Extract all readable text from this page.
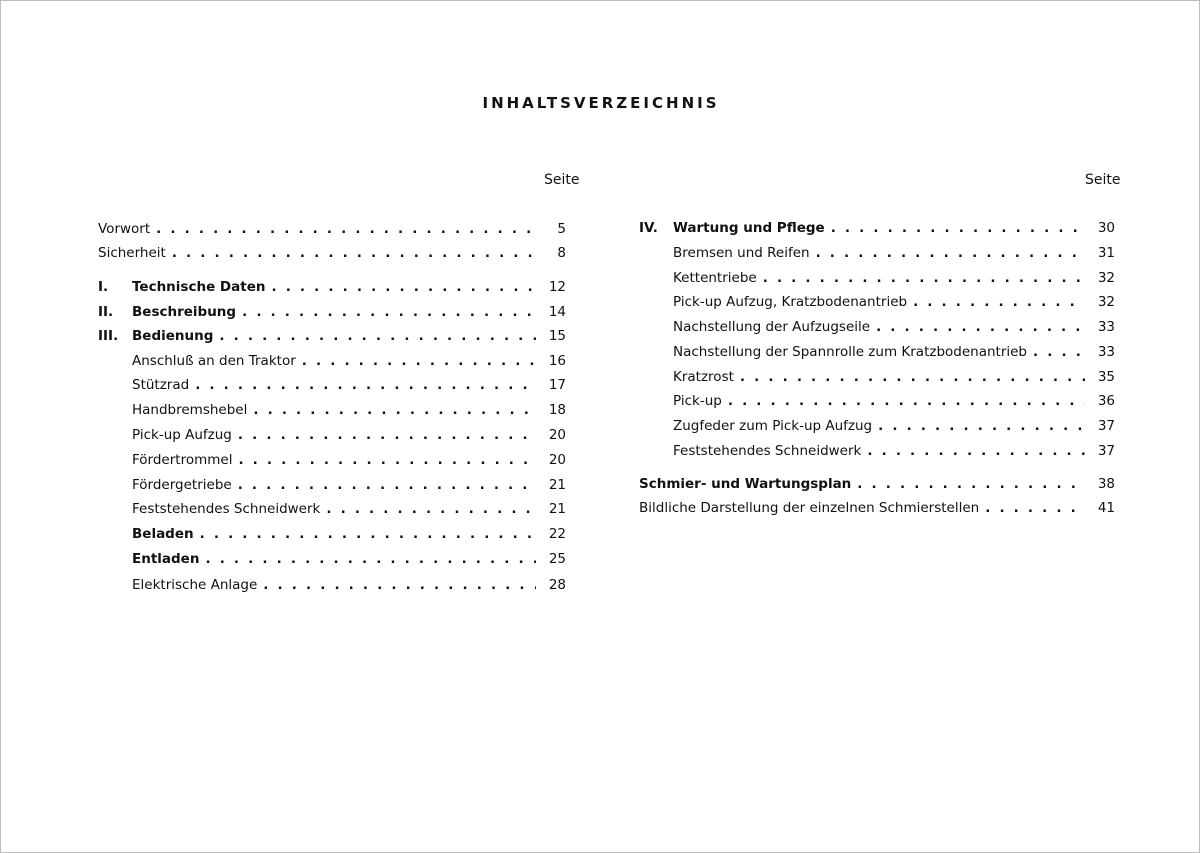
INHALTSVERZEICHNIS
Seite	Seite
Vorwort . . .	5
Sicherheit . . .	8
I.	Technische Daten . . .	12
II.	Beschreibung . . .	14
III.	Bedienung . . .	15
Anschluß an den Traktor . . .	16
Stützrad . . .	17
Handbremshebel . . .	18
Pick-up Aufzug . . .	20
Fördertrommel . . .	20
Fördergetriebe . . .	21
Feststehendes Schneidwerk . . .	21
Beladen . . .	22
Entladen . . .	25
Elektrische Anlage . . .	28
IV.	Wartung und Pflege . . .	30
Bremsen und Reifen . . .	31
Kettentriebe . . .	32
Pick-up Aufzug, Kratzbodenantrieb . . .	32
Nachstellung der Aufzugseile . . .	33
Nachstellung der Spannrolle zum Kratzbodenantrieb . . .	33
Kratzrost . . .	35
Pick-up . . .	36
Zugfeder zum Pick-up Aufzug . . .	37
Feststehendes Schneidwerk . . .	37
Schmier- und Wartungsplan . . .	38
Bildliche Darstellung der einzelnen Schmierstellen . . .	41
